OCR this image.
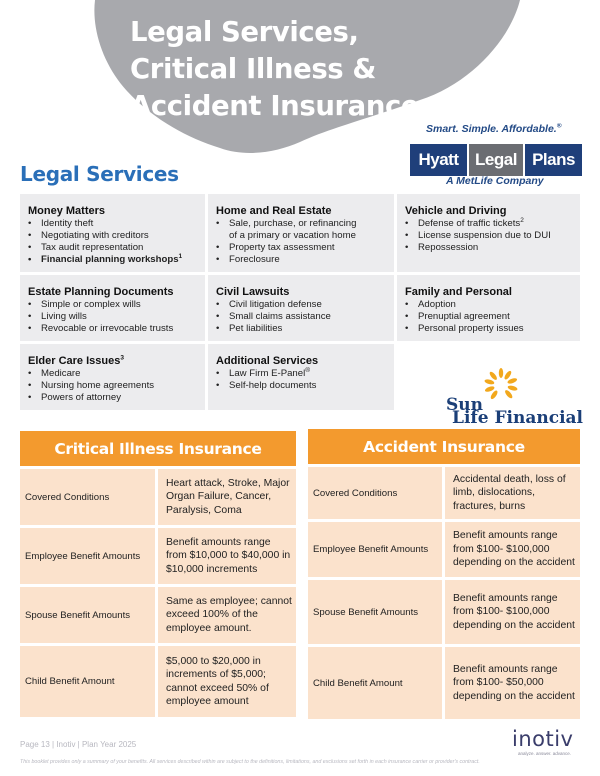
Legal Services,
Critical Illness &
Accident Insurance
Smart. Simple. Affordable.®
Hyatt Legal Plans
A MetLife Company
Legal Services
Money Matters
• Identity theft
• Negotiating with creditors
• Tax audit representation
• Financial planning workshops$^1$
Home and Real Estate
• Sale, purchase, or refinancing
of a primary or vacation home
• Property tax assessment
• Foreclosure
Vehicle and Driving
• Defense of traffic tickets$^2$
• License suspension due to DUI
• Repossession
Estate Planning Documents
• Simple or complex wills
• Living wills
• Revocable or irrevocable trusts
Civil Lawsuits
• Civil litigation defense
• Small claims assistance
• Pet liabilities
Family and Personal
• Adoption
• Prenuptial agreement
• Personal property issues
Elder Care Issues$^3$
• Medicare
• Nursing home agreements
• Powers of attorney
Additional Services
• Law Firm E-Panel®
• Self-help documents
Sun
Life Financial
Critical Illness Insurance
Covered Conditions
Heart attack, Stroke, Major Organ Failure, Cancer, Paralysis, Coma
Employee Benefit Amounts
Benefit amounts range from $10,000 to $40,000 in $10,000 increments
Spouse Benefit Amounts
Same as employee; cannot exceed 100% of the employee amount.
Child Benefit Amount
$5,000 to $20,000 in increments of $5,000; cannot exceed 50% of employee amount
Accident Insurance
Covered Conditions
Accidental death, loss of limb, dislocations, fractures, burns
Employee Benefit Amounts
Benefit amounts range from $100- $100,000 depending on the accident
Spouse Benefit Amounts
Benefit amounts range from $100- $100,000 depending on the accident
Child Benefit Amount
Benefit amounts range from $100- $50,000 depending on the accident
Page 13 | Inotiv | Plan Year 2025
This booklet provides only a summary of your benefits. All services described within are subject to the definitions, limitations, and exclusions set forth in each insurance carrier or provider's contract.
inotiv
analyze. answer. advance.
